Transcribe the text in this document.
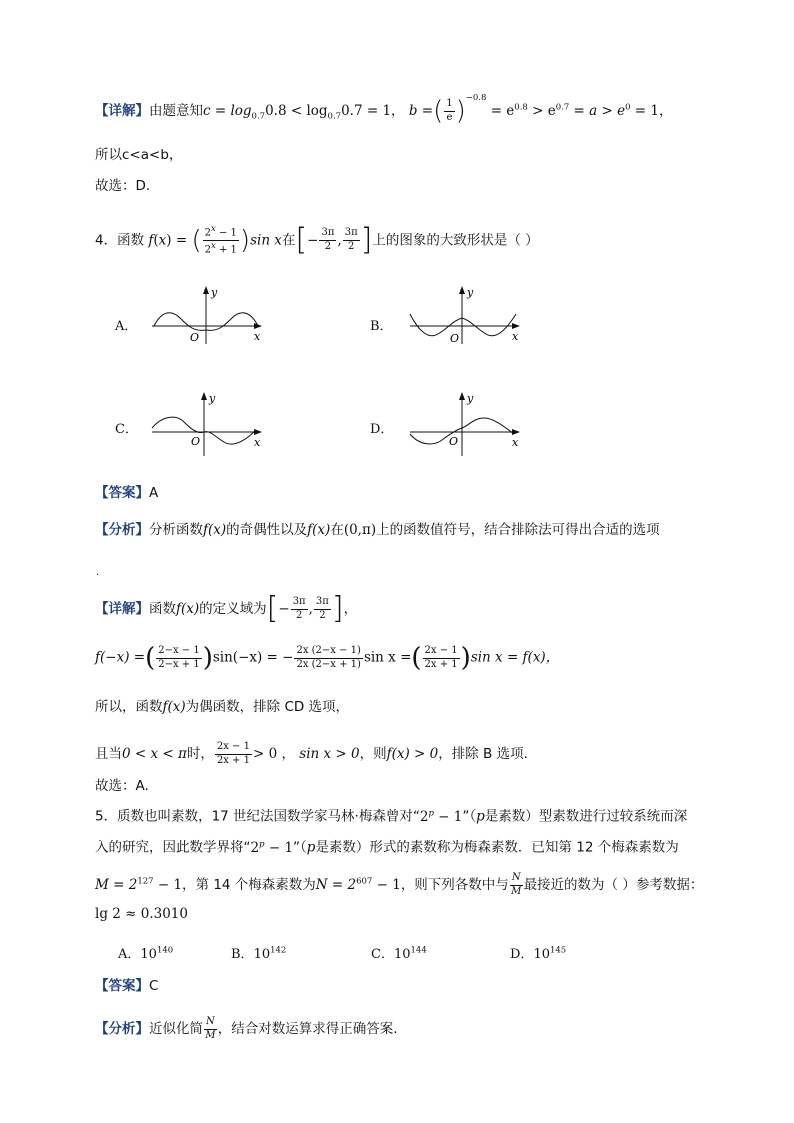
【详解】由题意知$c = \log_{0.7}0.8 < \log_{0.7}0.7 = 1$， b =( $\frac{1}{e} )^{-0.8} = e^{0.8} > e^{0.7} = a > e^0 = 1$，
所以c<a<b，
故选：D.
4．函数 f(x) = ( $\frac{2^x - 1}{2^x + 1} )\sin$ x在[− $\frac{3\pi}{2}$ , $\frac{3\pi}{2}$ ]上的图象的大致形状是（ ）
A．	B．
C．	D．
y
x
O
y
x
O
y
x
O
y
x
O
【答案】A
【分析】分析函数f(x)的奇偶性以及f(x)在(0,π)上的函数值符号，结合排除法可得出合适的选项
.
【详解】函数f(x)的定义域为[− $\frac{3\pi}{2}$ , $\frac{3\pi}{2}$ ]，
f(−x) =( $\frac{2-x - 1}{2-x + 1} )\sin(-x)$ = − $\frac{2x (2-x - 1)}{2x (2-x + 1)}$ sin x =( $\frac{2x - 1}{2x + 1} )\sin$ x = f(x)，
所以，函数f(x)为偶函数，排除 CD 选项，
且当0 < x < π时， $\frac{2x - 1}{2x + 1} > 0$ ， sin x > 0，则f(x) > 0，排除 B 选项.
故选：A.
5．质数也叫素数，17 世纪法国数学家马林·梅森曾对“$2^p$ − 1”（p是素数）型素数进行过较系统而深
入的研究，因此数学界将“$2^p$ − 1”（p是素数）形式的素数称为梅森素数．已知第 12 个梅森素数为
$M = 2^{127} - 1$，第 14 个梅森素数为$N = 2^{607} - 1$，则下列各数中与 $\frac{N}{M}$ 最接近的数为（ ）参考数据：
lg 2 ≈ 0.3010
A．$10^{140}$	B．$10^{142}$	C．$10^{144}$	D．$10^{145}$
【答案】C
【分析】近似化简 $\frac{N}{M}$ ，结合对数运算求得正确答案.
